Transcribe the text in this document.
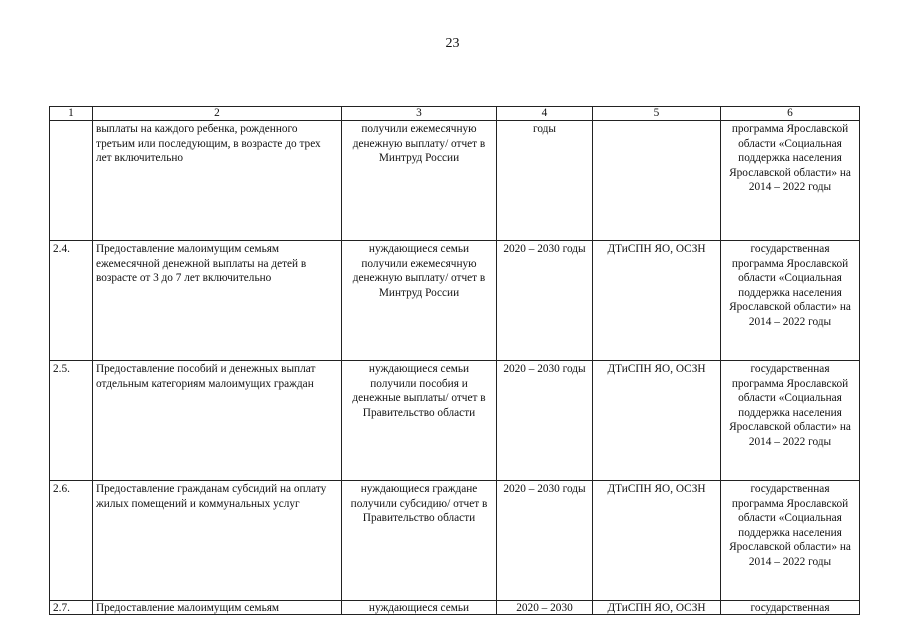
23
1	2	3	4	5	6
	выплаты на каждого ребенка, рожденного третьим или последующим, в возрасте до трех лет включительно	получили ежемесячную денежную выплату/ отчет в Минтруд России	годы		программа Ярославской области «Социальная поддержка населения Ярославской области» на 2014 – 2022 годы
2.4.	Предоставление малоимущим семьям ежемесячной денежной выплаты на детей в возрасте от 3 до 7 лет включительно	нуждающиеся семьи получили ежемесячную денежную выплату/ отчет в Минтруд России	2020 – 2030 годы	ДТиСПН ЯО, ОСЗН	государственная программа Ярославской области «Социальная поддержка населения Ярославской области» на 2014 – 2022 годы
2.5.	Предоставление пособий и денежных выплат отдельным категориям малоимущих граждан	нуждающиеся семьи получили пособия и денежные выплаты/ отчет в Правительство области	2020 – 2030 годы	ДТиСПН ЯО, ОСЗН	государственная программа Ярославской области «Социальная поддержка населения Ярославской области» на 2014 – 2022 годы
2.6.	Предоставление гражданам субсидий на оплату жилых помещений и коммунальных услуг	нуждающиеся граждане получили субсидию/ отчет в Правительство области	2020 – 2030 годы	ДТиСПН ЯО, ОСЗН	государственная программа Ярославской области «Социальная поддержка населения Ярославской области» на 2014 – 2022 годы
2.7.	Предоставление малоимущим семьям	нуждающиеся семьи	2020 – 2030	ДТиСПН ЯО, ОСЗН	государственная
